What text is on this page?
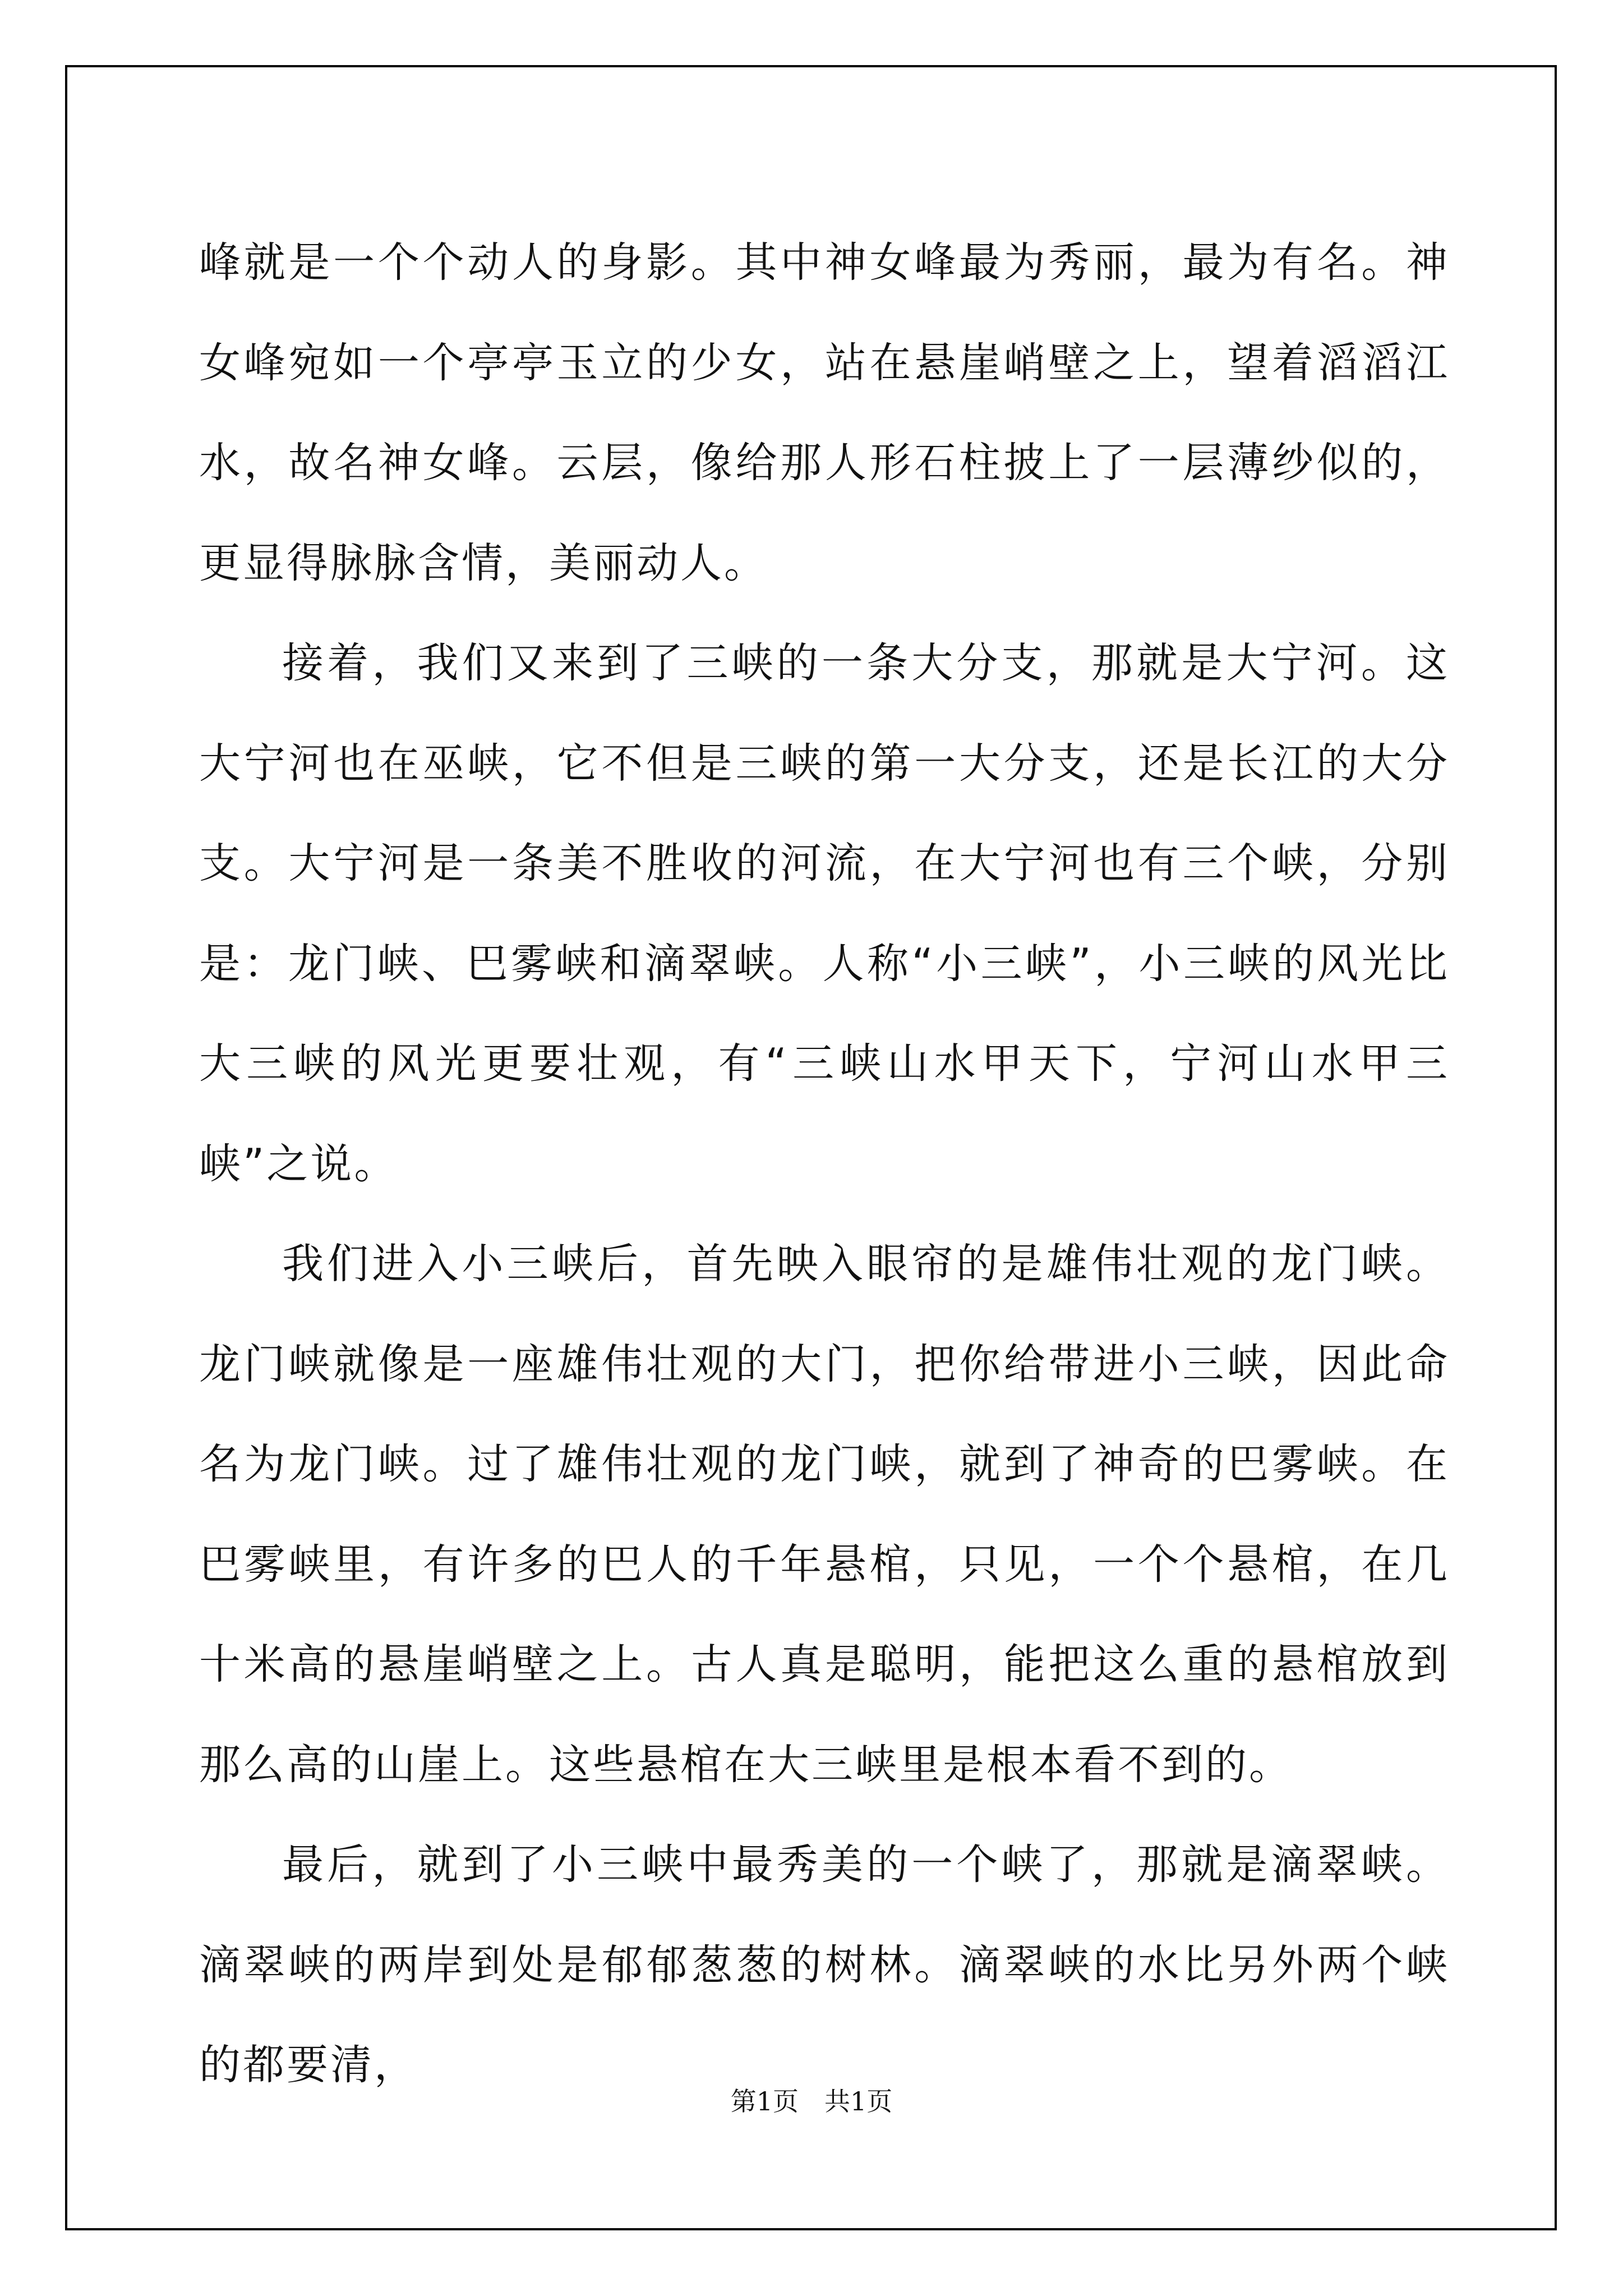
峰就是一个个动人的身影。其中神女峰最为秀丽，最为有名。神女峰宛如一个亭亭玉立的少女，站在悬崖峭壁之上，望着滔滔江水，故名神女峰。云层，像给那人形石柱披上了一层薄纱似的，更显得脉脉含情，美丽动人。

接着，我们又来到了三峡的一条大分支，那就是大宁河。这大宁河也在巫峡，它不但是三峡的第一大分支，还是长江的大分支。大宁河是一条美不胜收的河流，在大宁河也有三个峡，分别是：龙门峡、巴雾峡和滴翠峡。人称“小三峡”，小三峡的风光比大三峡的风光更要壮观，有“三峡山水甲天下，宁河山水甲三峡”之说。

我们进入小三峡后，首先映入眼帘的是雄伟壮观的龙门峡。龙门峡就像是一座雄伟壮观的大门，把你给带进小三峡，因此命名为龙门峡。过了雄伟壮观的龙门峡，就到了神奇的巴雾峡。在巴雾峡里，有许多的巴人的千年悬棺，只见，一个个悬棺，在几十米高的悬崖峭壁之上。古人真是聪明，能把这么重的悬棺放到那么高的山崖上。这些悬棺在大三峡里是根本看不到的。

最后，就到了小三峡中最秀美的一个峡了，那就是滴翠峡。滴翠峡的两岸到处是郁郁葱葱的树林。滴翠峡的水比另外两个峡的都要清，

第1页　共1页
